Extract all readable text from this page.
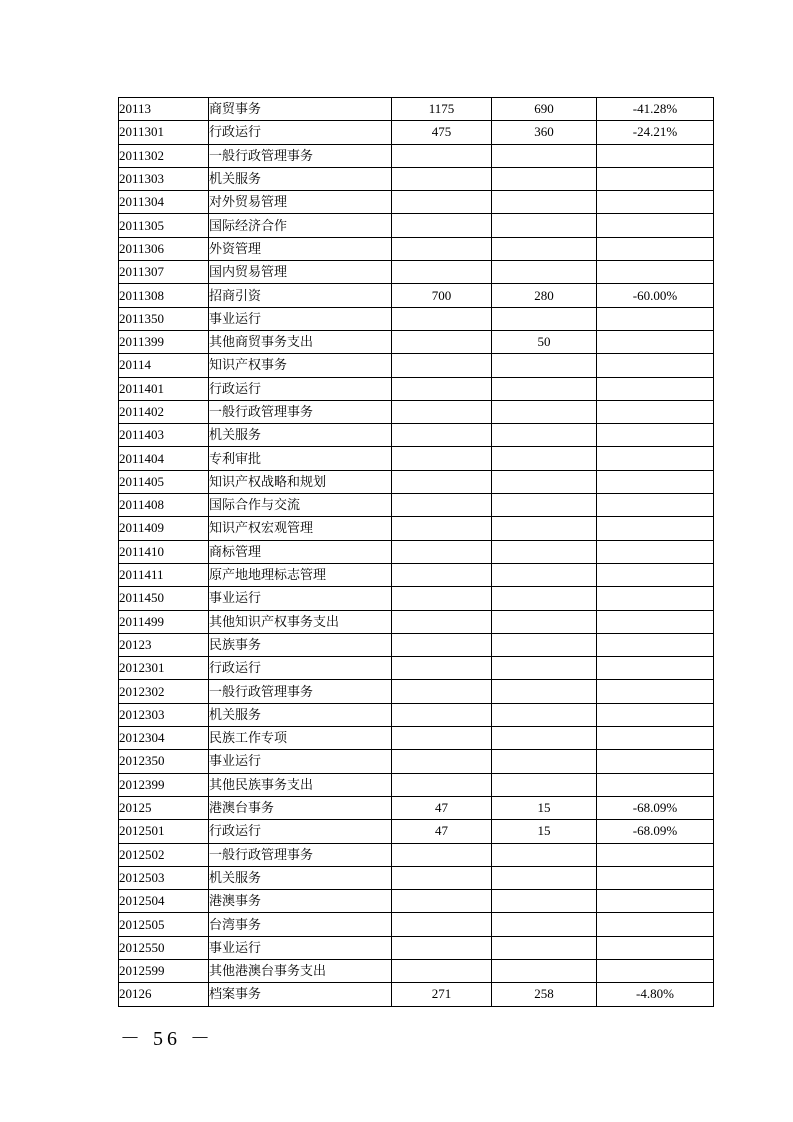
20113	商贸事务	1175	690	-41.28%
2011301	行政运行	475	360	-24.21%
2011302	一般行政管理事务			
2011303	机关服务			
2011304	对外贸易管理			
2011305	国际经济合作			
2011306	外资管理			
2011307	国内贸易管理			
2011308	招商引资	700	280	-60.00%
2011350	事业运行			
2011399	其他商贸事务支出		50	
20114	知识产权事务			
2011401	行政运行			
2011402	一般行政管理事务			
2011403	机关服务			
2011404	专利审批			
2011405	知识产权战略和规划			
2011408	国际合作与交流			
2011409	知识产权宏观管理			
2011410	商标管理			
2011411	原产地地理标志管理			
2011450	事业运行			
2011499	其他知识产权事务支出			
20123	民族事务			
2012301	行政运行			
2012302	一般行政管理事务			
2012303	机关服务			
2012304	民族工作专项			
2012350	事业运行			
2012399	其他民族事务支出			
20125	港澳台事务	47	15	-68.09%
2012501	行政运行	47	15	-68.09%
2012502	一般行政管理事务			
2012503	机关服务			
2012504	港澳事务			
2012505	台湾事务			
2012550	事业运行			
2012599	其他港澳台事务支出			
20126	档案事务	271	258	-4.80%
－ 56 －
